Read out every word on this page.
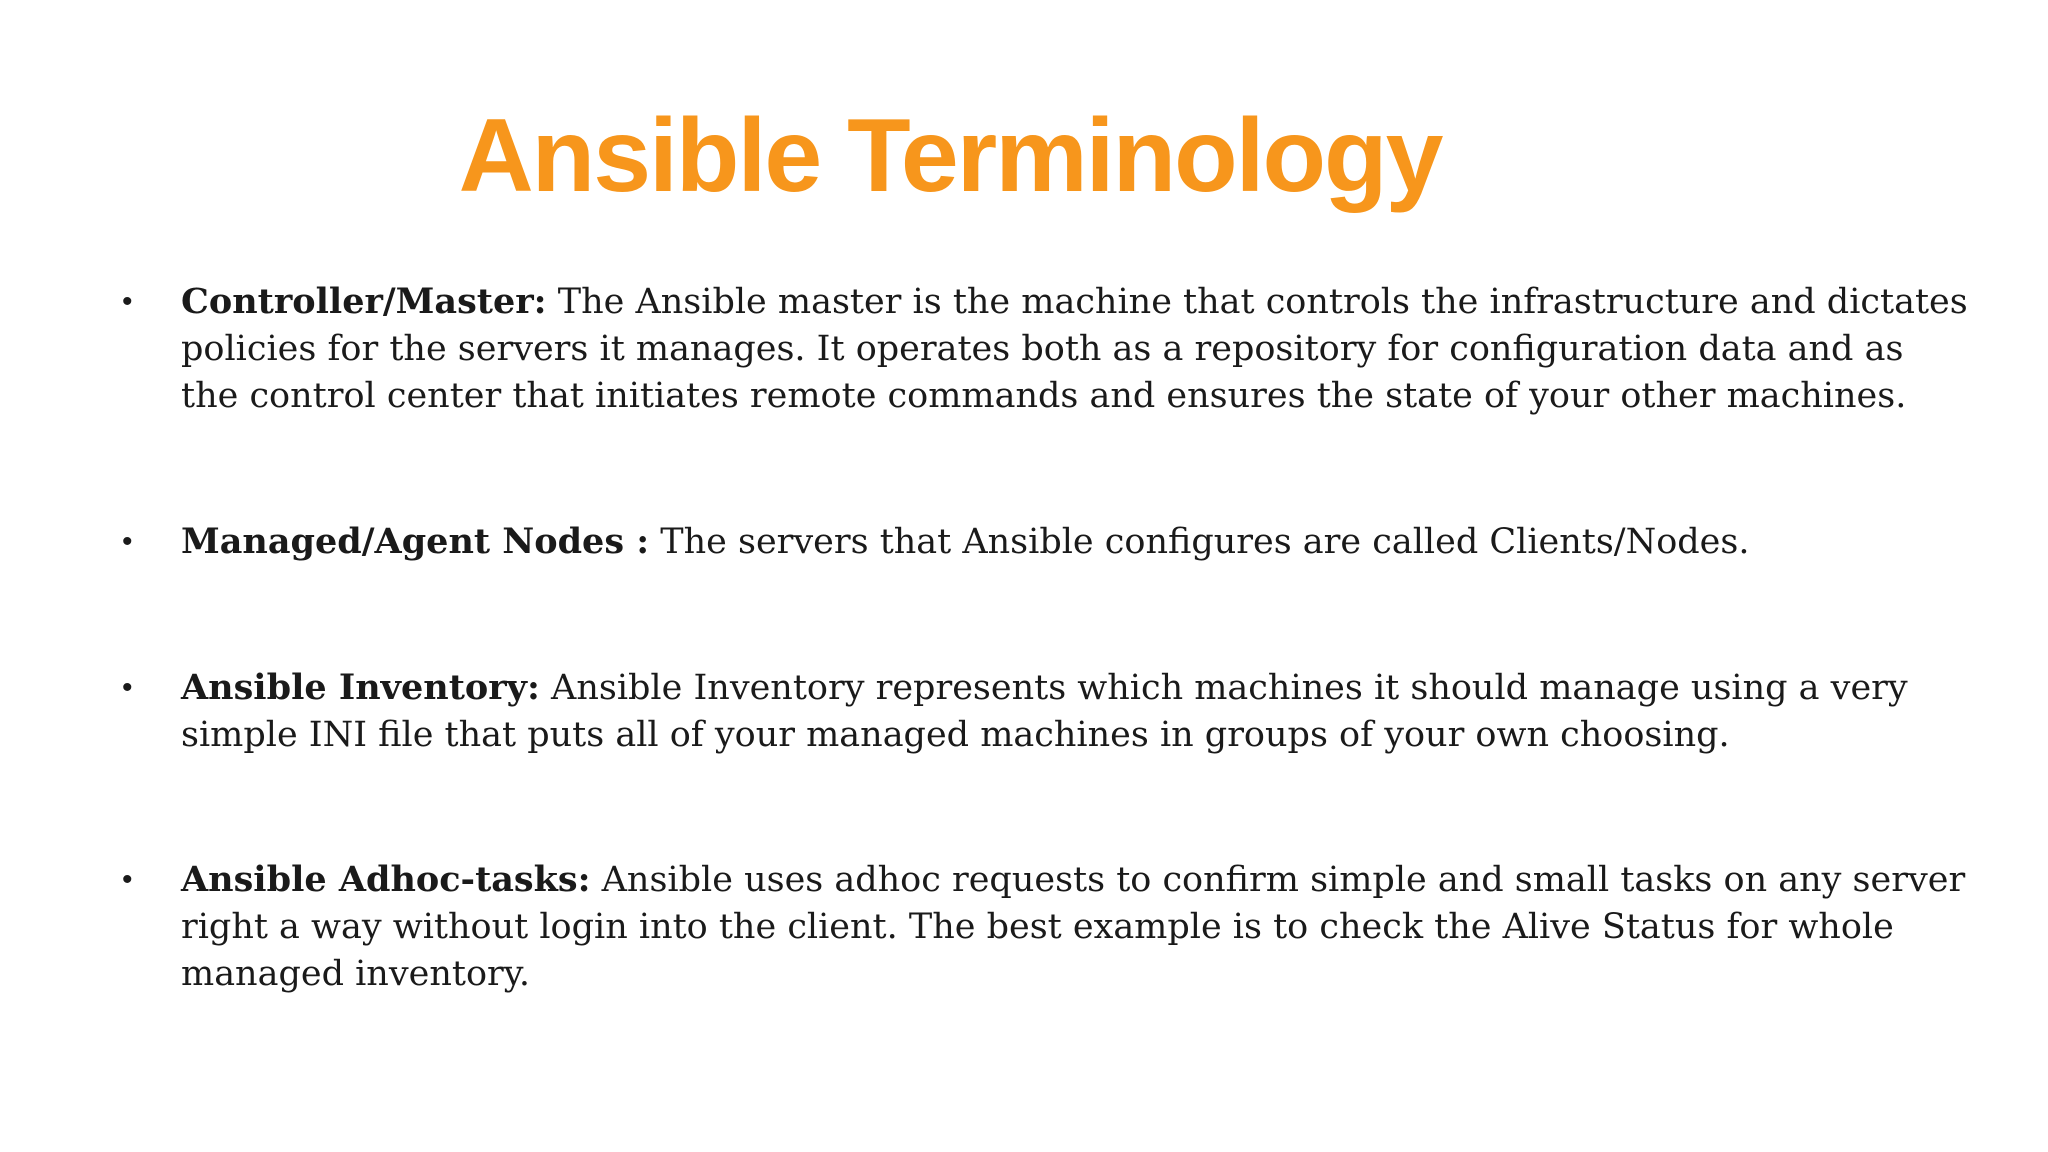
Ansible Terminology
• Controller/Master: The Ansible master is the machine that controls the infrastructure and dictates policies for the servers it manages. It operates both as a repository for configuration data and as the control center that initiates remote commands and ensures the state of your other machines.
• Managed/Agent Nodes : The servers that Ansible configures are called Clients/Nodes.
• Ansible Inventory: Ansible Inventory represents which machines it should manage using a very simple INI file that puts all of your managed machines in groups of your own choosing.
• Ansible Adhoc-tasks: Ansible uses adhoc requests to confirm simple and small tasks on any server right a way without login into the client. The best example is to check the Alive Status for whole managed inventory.
